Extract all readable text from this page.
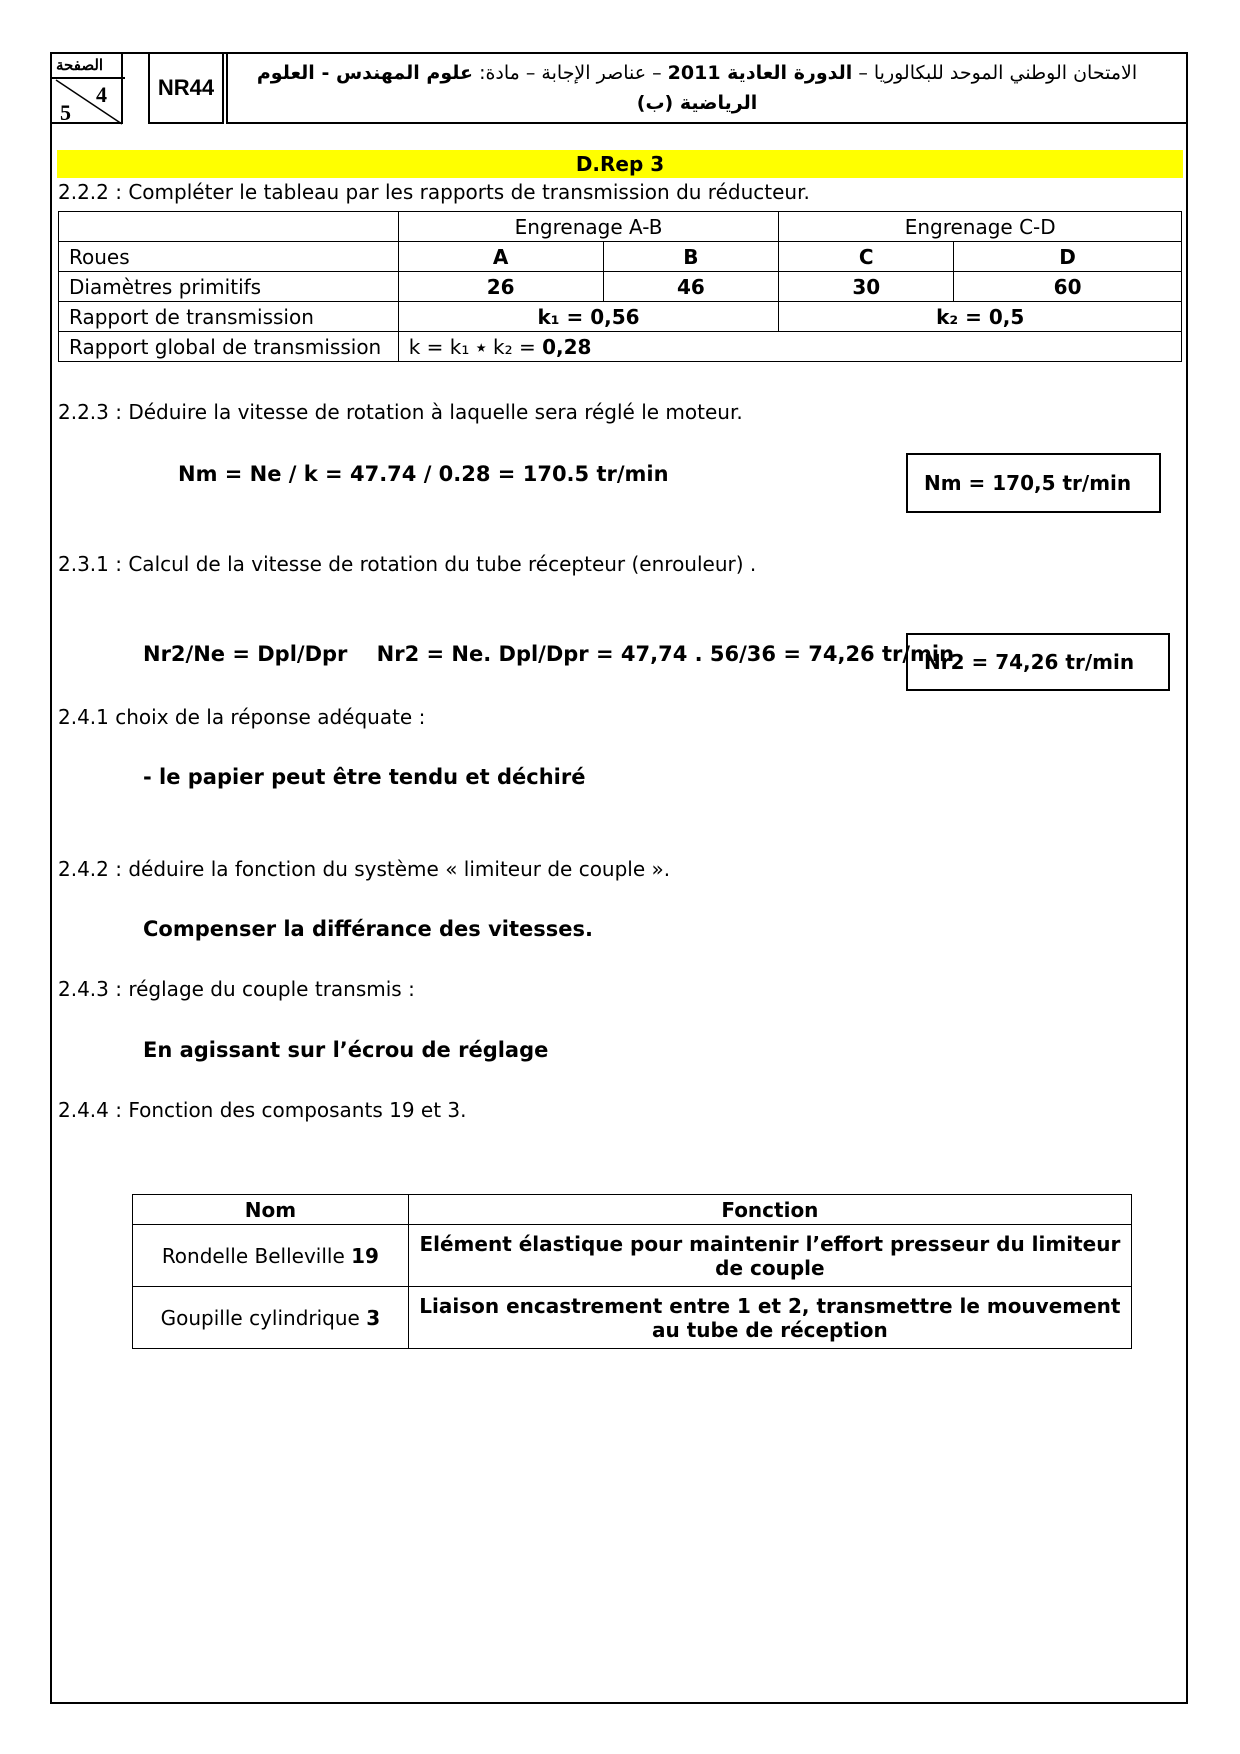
الصفحة
4
5
NR44
الامتحان الوطني الموحد للبكالوريا – الدورة العادية 2011 – عناصر الإجابة – مادة: علوم المهندس - العلوم الرياضية (ب)
D.Rep 3
2.2.2 : Compléter le tableau par les rapports de transmission du réducteur.
	Engrenage A-B		Engrenage C-D	
Roues	A	B	C	D
Diamètres primitifs	26	46	30	60
Rapport de transmission	k₁ = 0,56		k₂ = 0,5	
Rapport global de transmission	k = k₁ ٭ k₂ = 0,28			
2.2.3 : Déduire la vitesse de rotation à laquelle sera réglé le moteur.
Nm = Ne / k = 47.74 / 0.28 = 170.5 tr/min	Nm = 170,5 tr/min
2.3.1 : Calcul de la vitesse de rotation du tube récepteur (enrouleur) .
Nr2/Ne = Dpl/Dpr    Nr2 = Ne. Dpl/Dpr = 47,74 . 56/36 = 74,26 tr/min
Nr2 = 74,26 tr/min
2.4.1 choix de la réponse adéquate :
- le papier peut être tendu et déchiré
2.4.2 : déduire la fonction du système « limiteur de couple ».
Compenser la différance des vitesses.
2.4.3 : réglage du couple transmis :
En agissant sur l’écrou de réglage
2.4.4 : Fonction des composants 19 et 3.
Nom	Fonction
Rondelle Belleville 19	Elément élastique pour maintenir l’effort presseur du limiteur de couple
Goupille cylindrique 3	Liaison encastrement entre 1 et 2, transmettre le mouvement au tube de réception
